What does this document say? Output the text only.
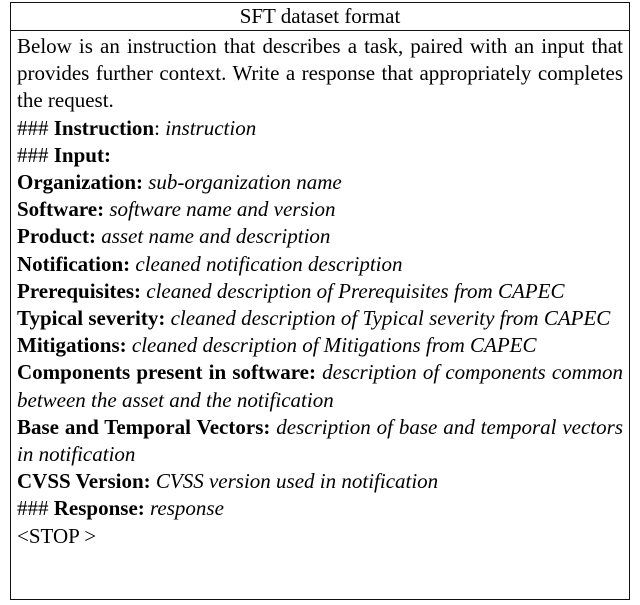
SFT dataset format

Below is an instruction that describes a task, paired with an input that provides further context. Write a response that appropriately completes the request.

### Instruction: instruction

### Input:

Organization: sub-organization name

Software: software name and version

Product: asset name and description

Notification: cleaned notification description

Prerequisites: cleaned description of Prerequisites from CAPEC

Typical severity: cleaned description of Typical severity from CAPEC

Mitigations: cleaned description of Mitigations from CAPEC

Components present in software: description of components common between the asset and the notification

Base and Temporal Vectors: description of base and temporal vectors in notification

CVSS Version: CVSS version used in notification

### Response: response

<STOP >
